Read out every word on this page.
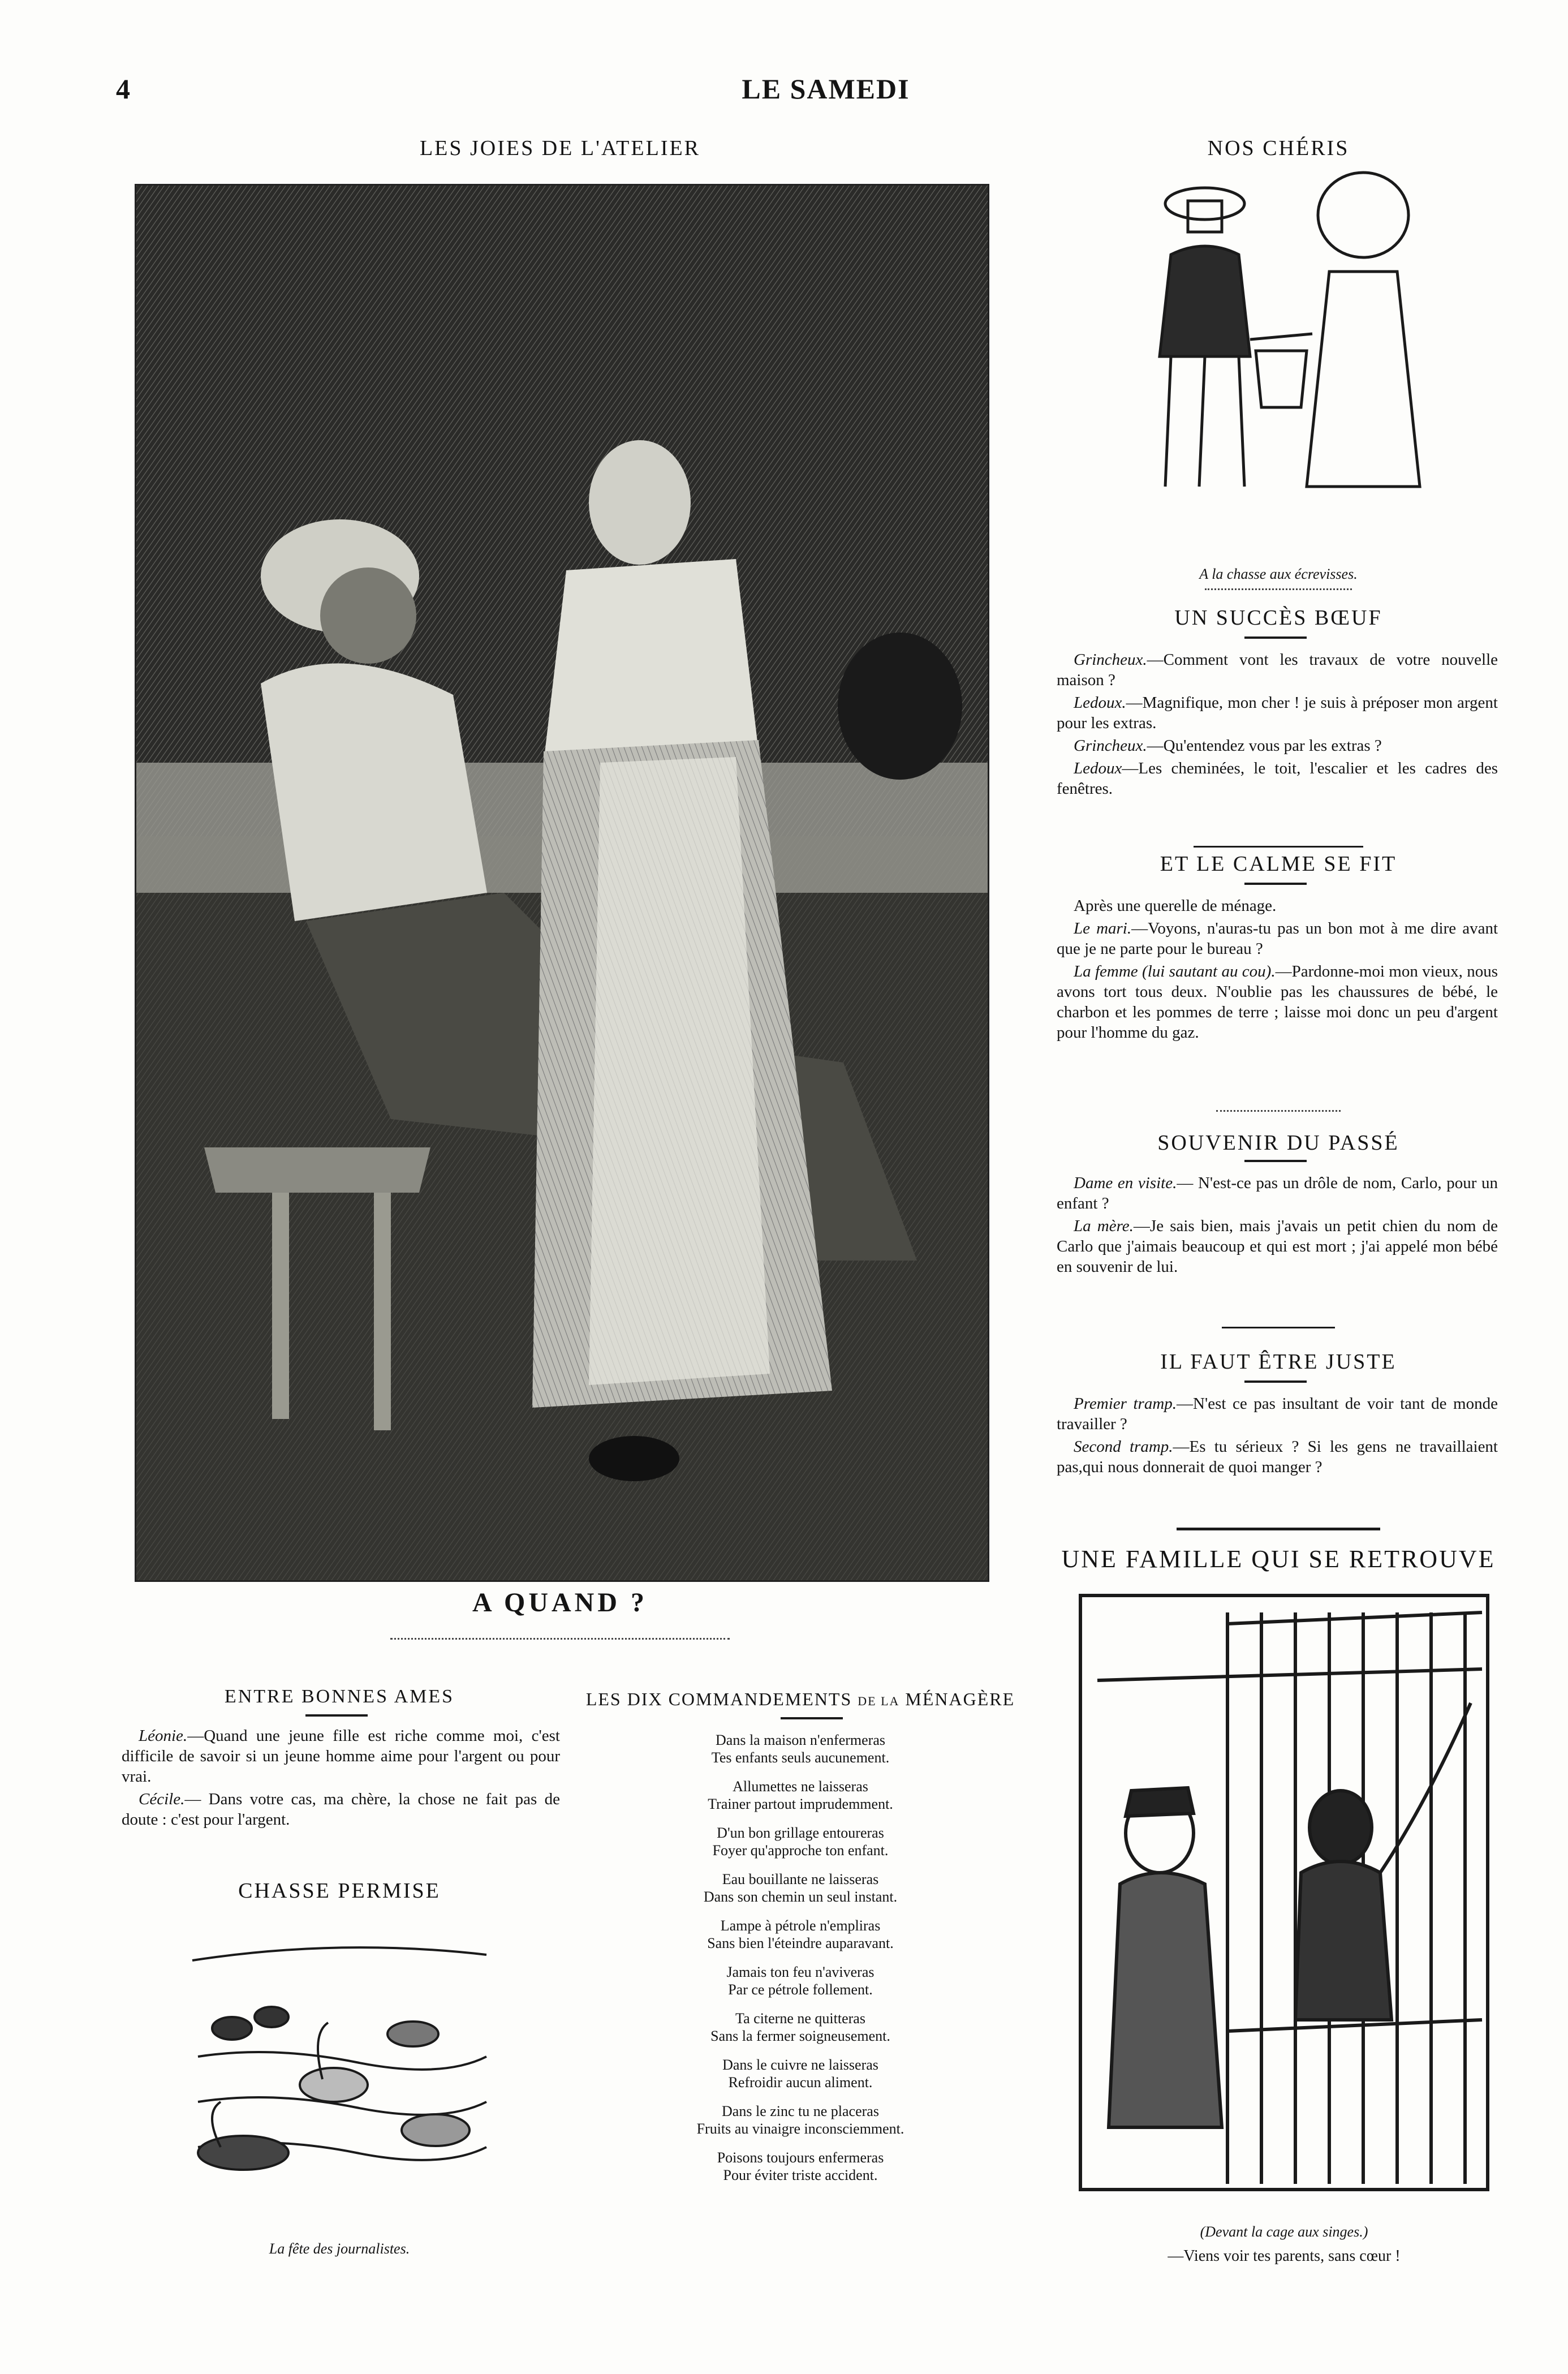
4	LE SAMEDI
LES JOIES DE L'ATELIER
A QUAND ?
NOS CHÉRIS
A la chasse aux écrevisses.
UN SUCCÈS BŒUF

Grincheux.—Comment vont les travaux de votre nouvelle maison ?

Ledoux.—Magnifique, mon cher ! je suis à préposer mon argent pour les extras.

Grincheux.—Qu'entendez vous par les extras ?

Ledoux—Les cheminées, le toit, l'escalier et les cadres des fenêtres.

ET LE CALME SE FIT

Après une querelle de ménage.

Le mari.—Voyons, n'auras-tu pas un bon mot à me dire avant que je ne parte pour le bureau ?

La femme (lui sautant au cou).—Pardonne-moi mon vieux, nous avons tort tous deux. N'oublie pas les chaussures de bébé, le charbon et les pommes de terre ; laisse moi donc un peu d'argent pour l'homme du gaz.

SOUVENIR DU PASSÉ

Dame en visite.— N'est-ce pas un drôle de nom, Carlo, pour un enfant ?

La mère.—Je sais bien, mais j'avais un petit chien du nom de Carlo que j'aimais beaucoup et qui est mort ; j'ai appelé mon bébé en souvenir de lui.

IL FAUT ÊTRE JUSTE

Premier tramp.—N'est ce pas insultant de voir tant de monde travailler ?

Second tramp.—Es tu sérieux ? Si les gens ne travaillaient pas,qui nous donnerait de quoi manger ?

UNE FAMILLE QUI SE RETROUVE
(Devant la cage aux singes.)
—Viens voir tes parents, sans cœur !
ENTRE BONNES AMES

Léonie.—Quand une jeune fille est riche comme moi, c'est difficile de savoir si un jeune homme aime pour l'argent ou pour vrai.

Cécile.— Dans votre cas, ma chère, la chose ne fait pas de doute : c'est pour l'argent.

CHASSE PERMISE
La fête des journalistes.
LES DIX COMMANDEMENTS DE LA MÉNAGÈRE
Dans la maison n'enfermeras
Tes enfants seuls aucunement.
Allumettes ne laisseras
Trainer partout imprudemment.
D'un bon grillage entoureras
Foyer qu'approche ton enfant.
Eau bouillante ne laisseras
Dans son chemin un seul instant.
Lampe à pétrole n'empliras
Sans bien l'éteindre auparavant.
Jamais ton feu n'aviveras
Par ce pétrole follement.
Ta citerne ne quitteras
Sans la fermer soigneusement.
Dans le cuivre ne laisseras
Refroidir aucun aliment.
Dans le zinc tu ne placeras
Fruits au vinaigre inconsciemment.
Poisons toujours enfermeras
Pour éviter triste accident.
